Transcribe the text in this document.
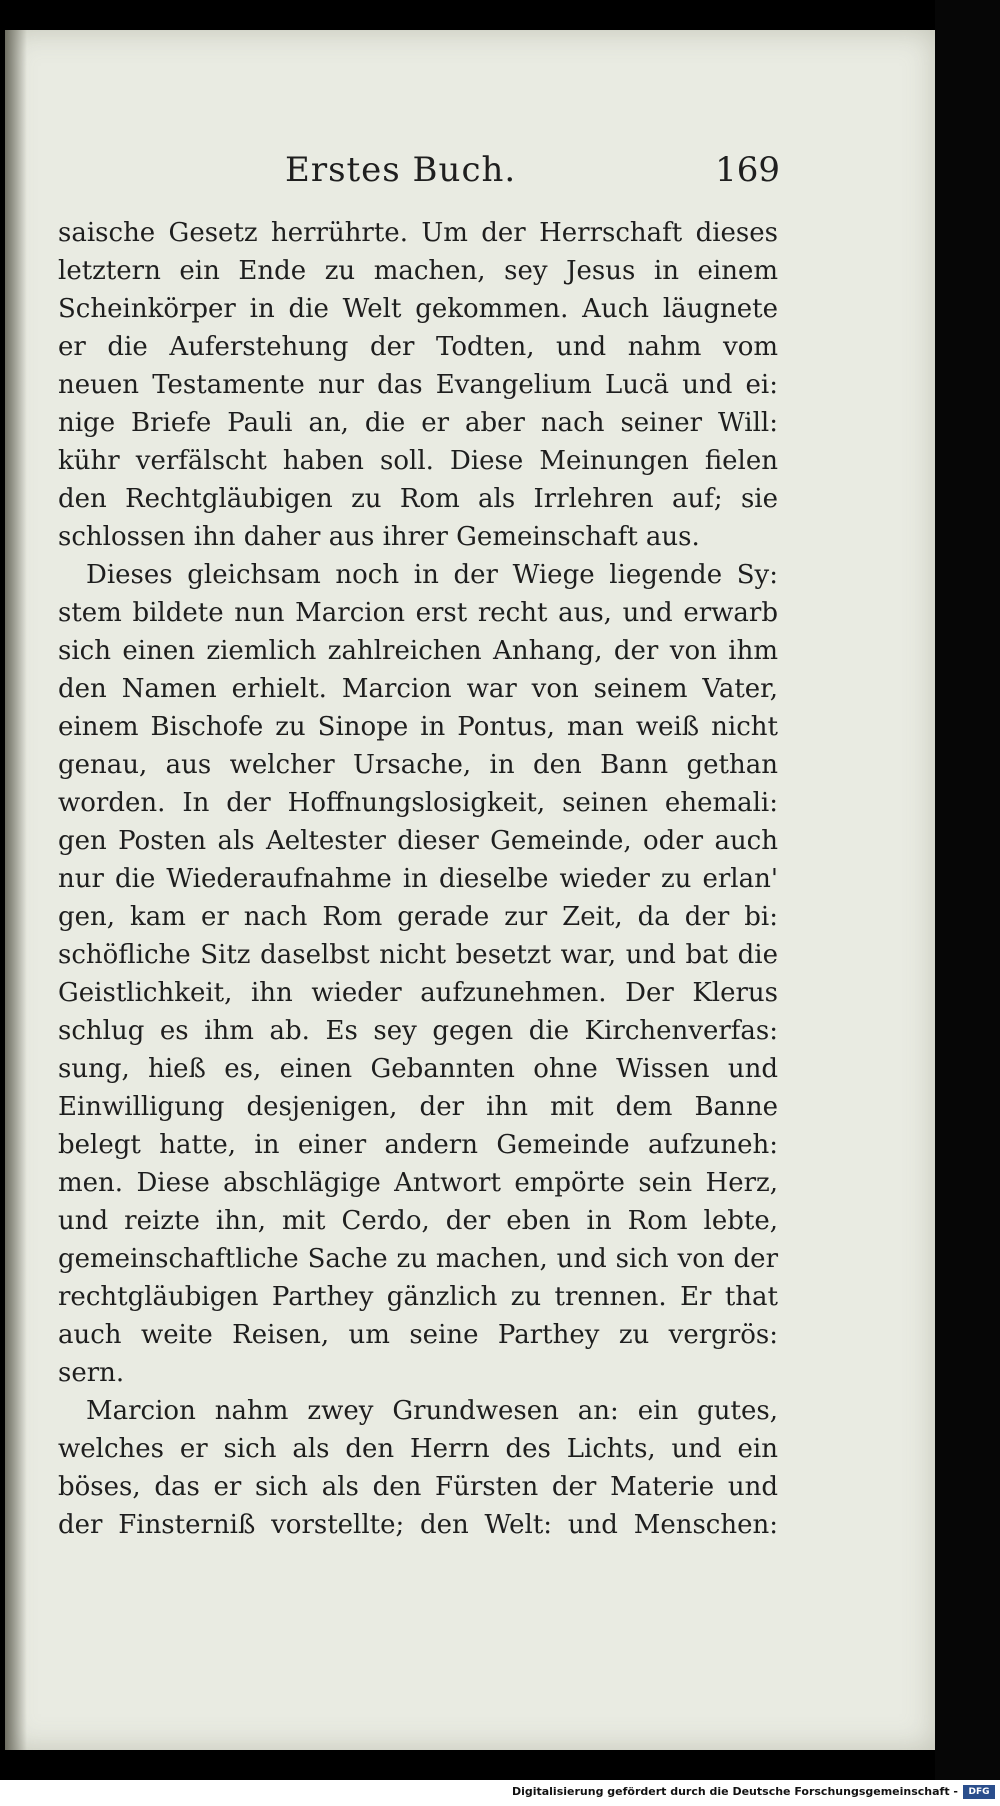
Erstes Buch.	169
saische Gesetz herrührte. Um der Herrschaft dieses
letztern ein Ende zu machen, sey Jesus in einem
Scheinkörper in die Welt gekommen. Auch läugnete
er die Auferstehung der Todten, und nahm vom
neuen Testamente nur das Evangelium Lucä und ei:
nige Briefe Pauli an, die er aber nach seiner Will:
kühr verfälscht haben soll. Diese Meinungen fielen
den Rechtgläubigen zu Rom als Irrlehren auf; sie
schlossen ihn daher aus ihrer Gemeinschaft aus.
Dieses gleichsam noch in der Wiege liegende Sy:
stem bildete nun Marcion erst recht aus, und erwarb
sich einen ziemlich zahlreichen Anhang, der von ihm
den Namen erhielt. Marcion war von seinem Vater,
einem Bischofe zu Sinope in Pontus, man weiß nicht
genau, aus welcher Ursache, in den Bann gethan
worden. In der Hoffnungslosigkeit, seinen ehemali:
gen Posten als Aeltester dieser Gemeinde, oder auch
nur die Wiederaufnahme in dieselbe wieder zu erlan'
gen, kam er nach Rom gerade zur Zeit, da der bi:
schöfliche Sitz daselbst nicht besetzt war, und bat die
Geistlichkeit, ihn wieder aufzunehmen. Der Klerus
schlug es ihm ab. Es sey gegen die Kirchenverfas:
sung, hieß es, einen Gebannten ohne Wissen und
Einwilligung desjenigen, der ihn mit dem Banne
belegt hatte, in einer andern Gemeinde aufzuneh:
men. Diese abschlägige Antwort empörte sein Herz,
und reizte ihn, mit Cerdo, der eben in Rom lebte,
gemeinschaftliche Sache zu machen, und sich von der
rechtgläubigen Parthey gänzlich zu trennen. Er that
auch weite Reisen, um seine Parthey zu vergrös:
sern.
Marcion nahm zwey Grundwesen an: ein gutes,
welches er sich als den Herrn des Lichts, und ein
böses, das er sich als den Fürsten der Materie und
der Finsterniß vorstellte; den Welt: und Menschen:
Digitalisierung gefördert durch die Deutsche Forschungsgemeinschaft -	DFG
